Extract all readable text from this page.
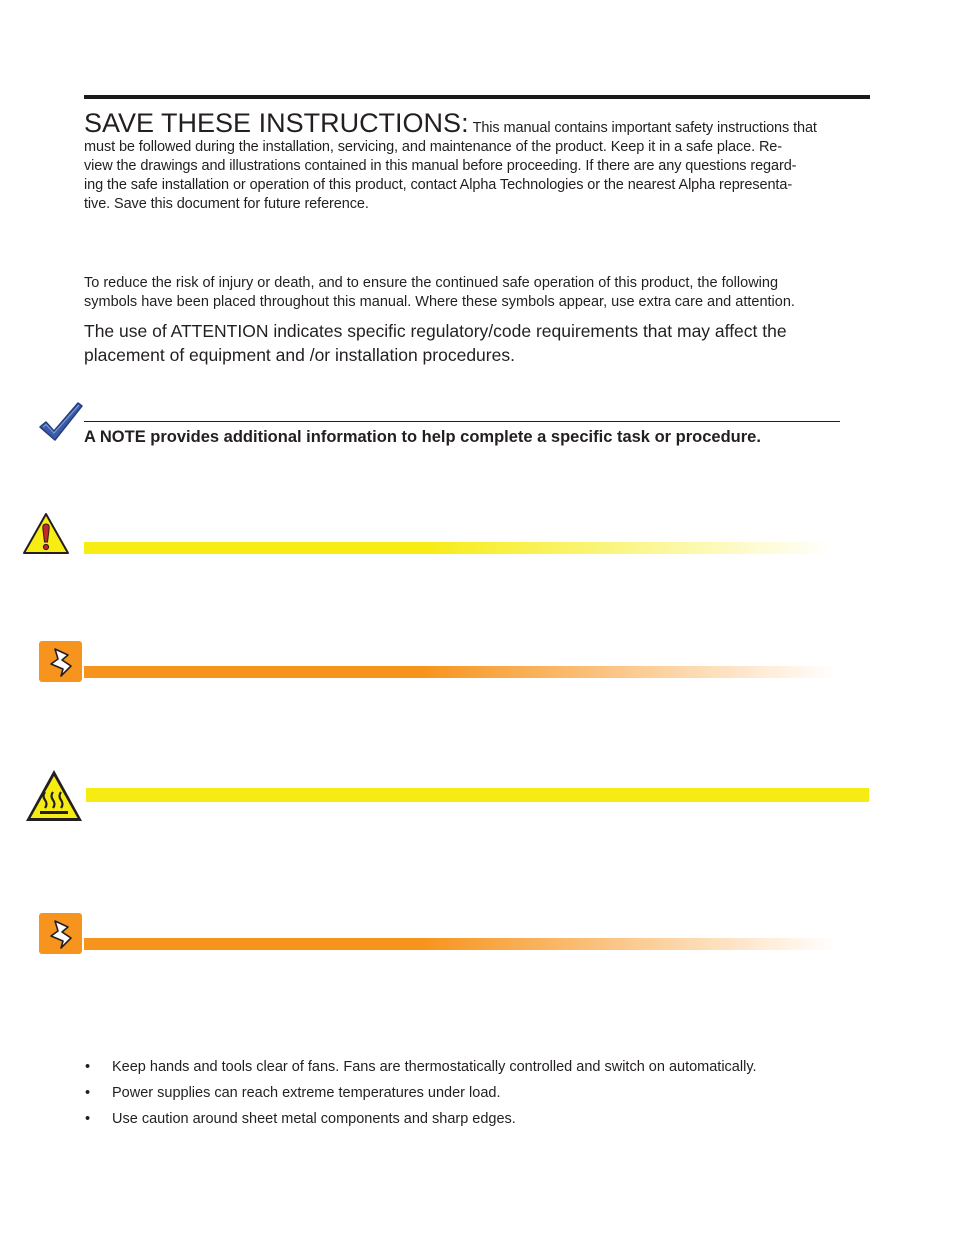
SAVE THESE INSTRUCTIONS: This manual contains important safety instructions that
must be followed during the installation, servicing, and maintenance of the product. Keep it in a safe place. Re-
view the drawings and illustrations contained in this manual before proceeding. If there are any questions regard-
ing the safe installation or operation of this product, contact Alpha Technologies or the nearest Alpha representa-
tive. Save this document for future reference.
To reduce the risk of injury or death, and to ensure the continued safe operation of this product, the following
symbols have been placed throughout this manual. Where these symbols appear, use extra care and attention.
The use of ATTENTION indicates specific regulatory/code requirements that may affect the
placement of equipment and /or installation procedures.
A NOTE provides additional information to help complete a specific task or procedure.
• Keep hands and tools clear of fans. Fans are thermostatically controlled and switch on automatically.
• Power supplies can reach extreme temperatures under load.
• Use caution around sheet metal components and sharp edges.
